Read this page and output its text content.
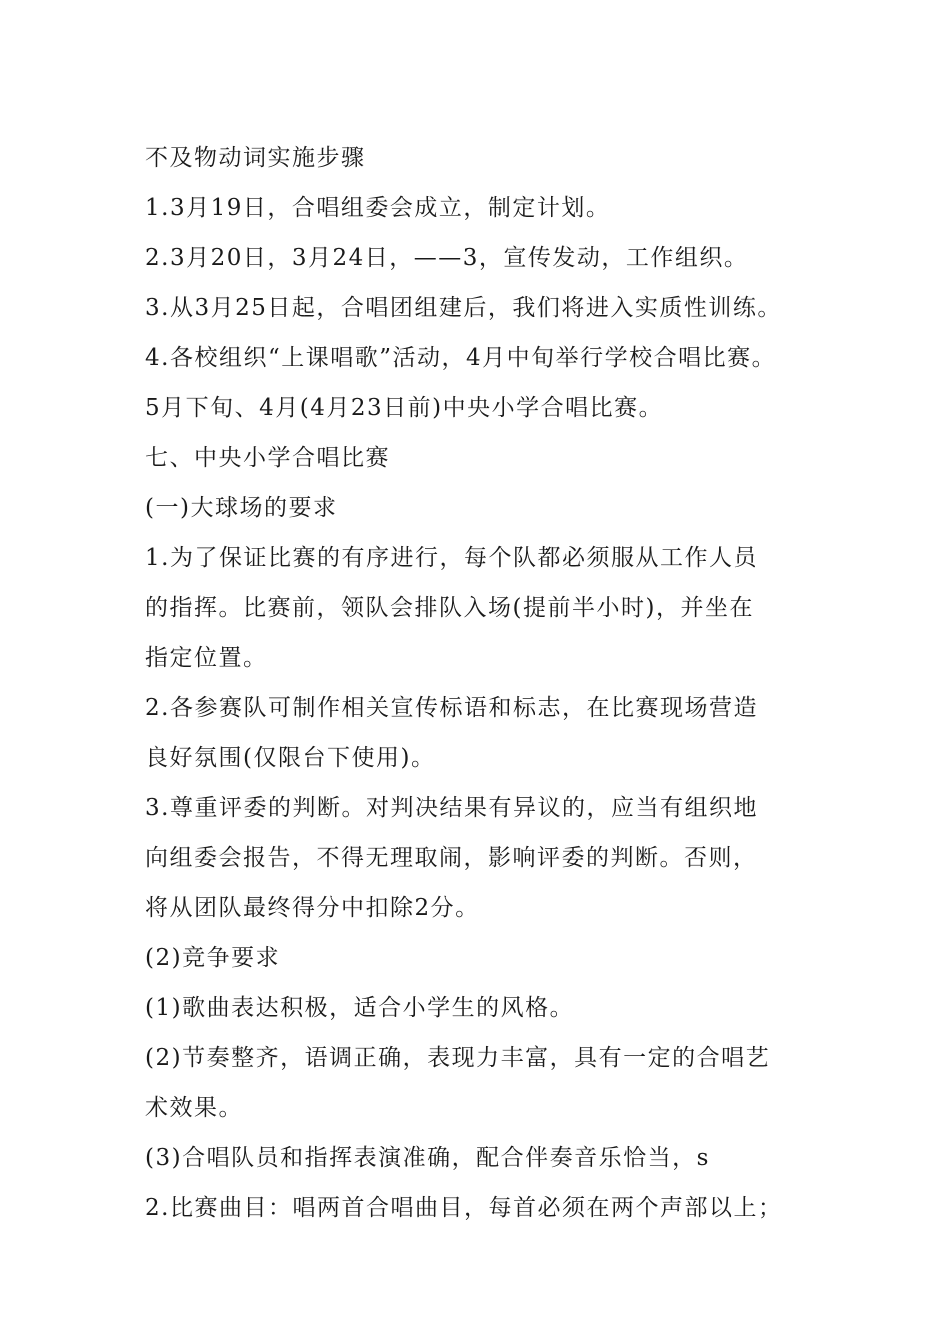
不及物动词实施步骤
1.3月19日，合唱组委会成立，制定计划。
2.3月20日，3月24日，——3，宣传发动，工作组织。
3.从3月25日起，合唱团组建后，我们将进入实质性训练。
4.各校组织“上课唱歌”活动，4月中旬举行学校合唱比赛。
5月下旬、4月(4月23日前)中央小学合唱比赛。
七、中央小学合唱比赛
(一)大球场的要求
1.为了保证比赛的有序进行，每个队都必须服从工作人员
的指挥。比赛前，领队会排队入场(提前半小时)，并坐在
指定位置。
2.各参赛队可制作相关宣传标语和标志，在比赛现场营造
良好氛围(仅限台下使用)。
3.尊重评委的判断。对判决结果有异议的，应当有组织地
向组委会报告，不得无理取闹，影响评委的判断。否则，
将从团队最终得分中扣除2分。
(2)竞争要求
(1)歌曲表达积极，适合小学生的风格。
(2)节奏整齐，语调正确，表现力丰富，具有一定的合唱艺
术效果。
(3)合唱队员和指挥表演准确，配合伴奏音乐恰当，s
2.比赛曲目：唱两首合唱曲目，每首必须在两个声部以上；
